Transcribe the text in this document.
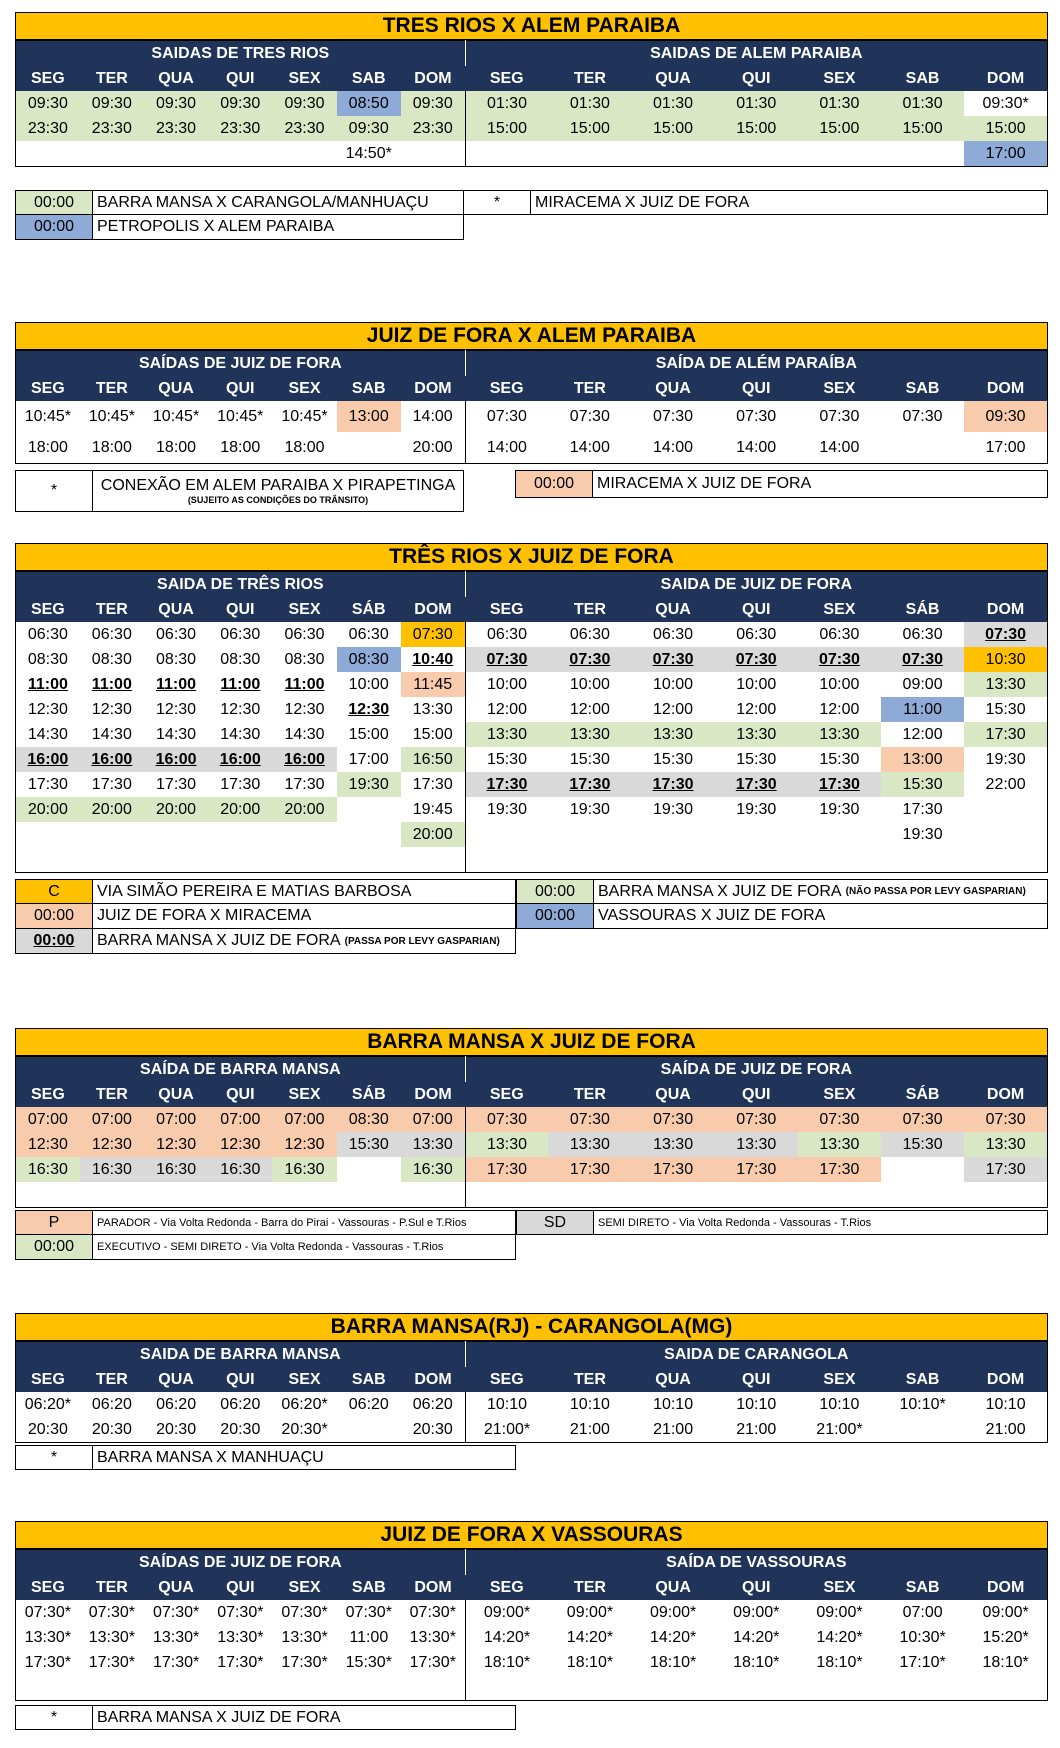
TRES RIOS X ALEM PARAIBA
SAIDAS DE TRES RIOS							SAIDAS DE ALEM PARAIBA						
SEG	TER	QUA	QUI	SEX	SAB	DOM	SEG	TER	QUA	QUI	SEX	SAB	DOM
09:30	09:30	09:30	09:30	09:30	08:50	09:30	01:30	01:30	01:30	01:30	01:30	01:30	09:30*
23:30	23:30	23:30	23:30	23:30	09:30	23:30	15:00	15:00	15:00	15:00	15:00	15:00	15:00
					14:50*								17:00
00:00	BARRA MANSA X CARANGOLA/MANHUAÇU
00:00	PETROPOLIS X ALEM PARAIBA
*	MIRACEMA X JUIZ DE FORA
JUIZ DE FORA X ALEM PARAIBA
SAÍDAS DE JUIZ DE FORA							SAÍDA DE ALÉM PARAÍBA						
SEG	TER	QUA	QUI	SEX	SAB	DOM	SEG	TER	QUA	QUI	SEX	SAB	DOM
10:45*	10:45*	10:45*	10:45*	10:45*	13:00	14:00	07:30	07:30	07:30	07:30	07:30	07:30	09:30
18:00	18:00	18:00	18:00	18:00		20:00	14:00	14:00	14:00	14:00	14:00		17:00
*	CONEXÃO EM ALEM PARAIBA X PIRAPETINGA
(SUJEITO AS CONDIÇÕES DO TRÂNSITO)
00:00	MIRACEMA X JUIZ DE FORA
TRÊS RIOS X JUIZ DE FORA
SAIDA DE TRÊS RIOS							SAIDA DE JUIZ DE FORA						
SEG	TER	QUA	QUI	SEX	SÁB	DOM	SEG	TER	QUA	QUI	SEX	SÁB	DOM
06:30	06:30	06:30	06:30	06:30	06:30	07:30	06:30	06:30	06:30	06:30	06:30	06:30	07:30
08:30	08:30	08:30	08:30	08:30	08:30	10:40	07:30	07:30	07:30	07:30	07:30	07:30	10:30
11:00	11:00	11:00	11:00	11:00	10:00	11:45	10:00	10:00	10:00	10:00	10:00	09:00	13:30
12:30	12:30	12:30	12:30	12:30	12:30	13:30	12:00	12:00	12:00	12:00	12:00	11:00	15:30
14:30	14:30	14:30	14:30	14:30	15:00	15:00	13:30	13:30	13:30	13:30	13:30	12:00	17:30
16:00	16:00	16:00	16:00	16:00	17:00	16:50	15:30	15:30	15:30	15:30	15:30	13:00	19:30
17:30	17:30	17:30	17:30	17:30	19:30	17:30	17:30	17:30	17:30	17:30	17:30	15:30	22:00
20:00	20:00	20:00	20:00	20:00		19:45	19:30	19:30	19:30	19:30	19:30	17:30	
						20:00						19:30	

C	VIA SIMÃO PEREIRA E MATIAS BARBOSA
00:00	JUIZ DE FORA X MIRACEMA
00:00	BARRA MANSA X JUIZ DE FORA (PASSA POR LEVY GASPARIAN)
00:00	BARRA MANSA X JUIZ DE FORA (NÃO PASSA POR LEVY GASPARIAN)
00:00	VASSOURAS X JUIZ DE FORA
BARRA MANSA X JUIZ DE FORA
SAÍDA DE BARRA MANSA							SAÍDA DE JUIZ DE FORA						
SEG	TER	QUA	QUI	SEX	SÁB	DOM	SEG	TER	QUA	QUI	SEX	SÁB	DOM
07:00	07:00	07:00	07:00	07:00	08:30	07:00	07:30	07:30	07:30	07:30	07:30	07:30	07:30
12:30	12:30	12:30	12:30	12:30	15:30	13:30	13:30	13:30	13:30	13:30	13:30	15:30	13:30
16:30	16:30	16:30	16:30	16:30		16:30	17:30	17:30	17:30	17:30	17:30		17:30

P	PARADOR - Via Volta Redonda - Barra do Pirai - Vassouras - P.Sul e T.Rios
00:00	EXECUTIVO - SEMI DIRETO - Via Volta Redonda - Vassouras - T.Rios
SD	SEMI DIRETO - Via Volta Redonda - Vassouras - T.Rios
BARRA MANSA(RJ) - CARANGOLA(MG)
SAIDA DE BARRA MANSA							SAIDA DE CARANGOLA						
SEG	TER	QUA	QUI	SEX	SAB	DOM	SEG	TER	QUA	QUI	SEX	SAB	DOM
06:20*	06:20	06:20	06:20	06:20*	06:20	06:20	10:10	10:10	10:10	10:10	10:10	10:10*	10:10
20:30	20:30	20:30	20:30	20:30*		20:30	21:00*	21:00	21:00	21:00	21:00*		21:00
*	BARRA MANSA X MANHUAÇU
JUIZ DE FORA X VASSOURAS
SAÍDAS DE JUIZ DE FORA							SAÍDA DE VASSOURAS						
SEG	TER	QUA	QUI	SEX	SAB	DOM	SEG	TER	QUA	QUI	SEX	SAB	DOM
07:30*	07:30*	07:30*	07:30*	07:30*	07:30*	07:30*	09:00*	09:00*	09:00*	09:00*	09:00*	07:00	09:00*
13:30*	13:30*	13:30*	13:30*	13:30*	11:00	13:30*	14:20*	14:20*	14:20*	14:20*	14:20*	10:30*	15:20*
17:30*	17:30*	17:30*	17:30*	17:30*	15:30*	17:30*	18:10*	18:10*	18:10*	18:10*	18:10*	17:10*	18:10*

*	BARRA MANSA X JUIZ DE FORA
